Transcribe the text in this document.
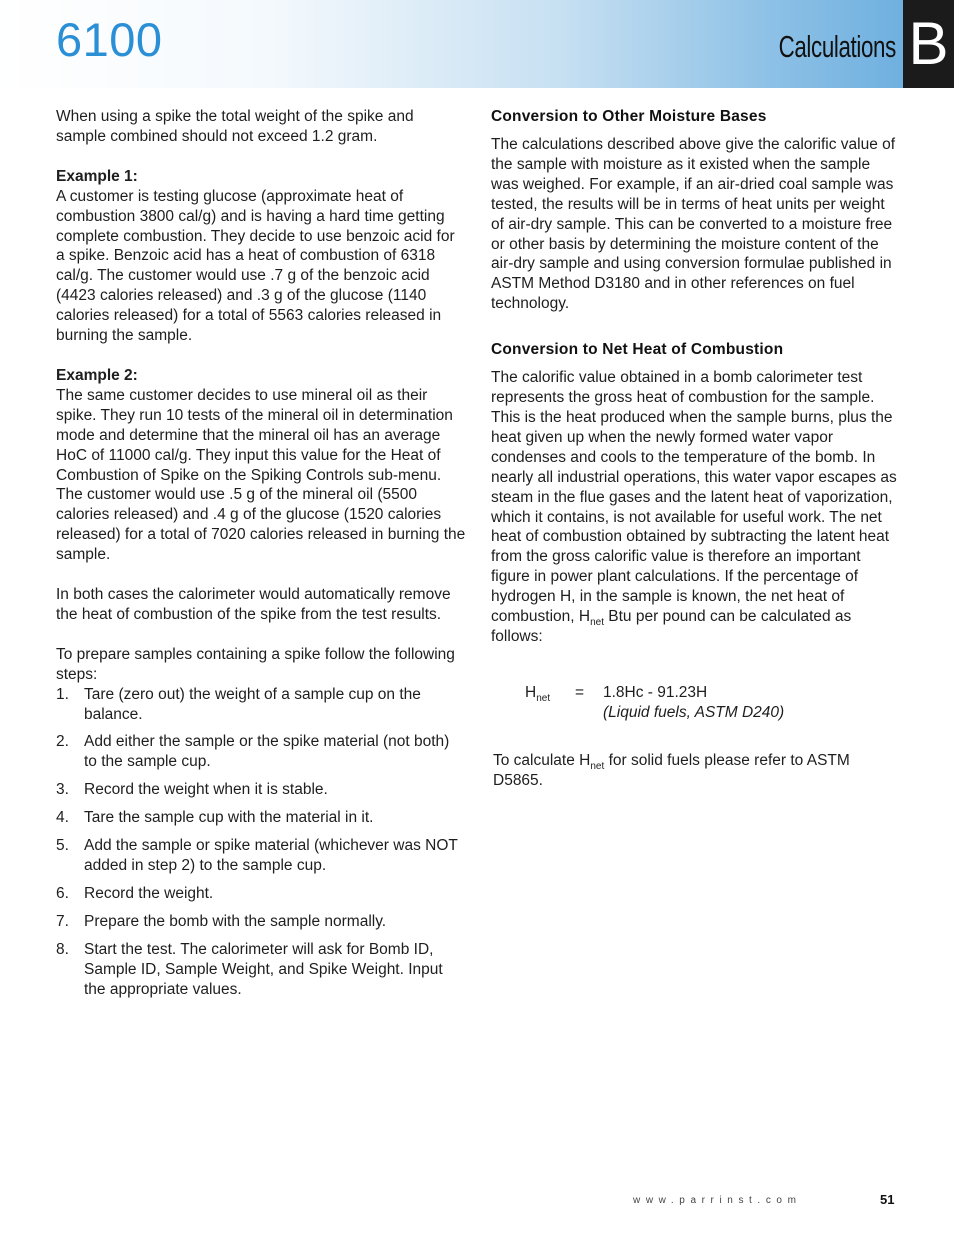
6100	Calculations B

When using a spike the total weight of the spike and sample combined should not exceed 1.2 gram.

Example 1:

A customer is testing glucose (approximate heat of combustion 3800 cal/g) and is having a hard time getting complete combustion. They decide to use benzoic acid for a spike. Benzoic acid has a heat of combustion of 6318 cal/g. The customer would use .7 g of the benzoic acid (4423 calories released) and .3 g of the glucose (1140 calories released) for a total of 5563 calories released in burning the sample.

Example 2:

The same customer decides to use mineral oil as their spike. They run 10 tests of the mineral oil in determination mode and determine that the mineral oil has an average HoC of 11000 cal/g. They input this value for the Heat of Combustion of Spike on the Spiking Controls sub-menu. The customer would use .5 g of the mineral oil (5500 calories released) and .4 g of the glucose (1520 calories released) for a total of 7020 calories released in burning the sample.

In both cases the calorimeter would automatically remove the heat of combustion of the spike from the test results.

To prepare samples containing a spike follow the following steps:

1. Tare (zero out) the weight of a sample cup on the balance.
2. Add either the sample or the spike material (not both) to the sample cup.
3. Record the weight when it is stable.
4. Tare the sample cup with the material in it.
5. Add the sample or spike material (whichever was NOT added in step 2) to the sample cup.
6. Record the weight.
7. Prepare the bomb with the sample normally.
8. Start the test. The calorimeter will ask for Bomb ID, Sample ID, Sample Weight, and Spike Weight. Input the appropriate values.
Conversion to Other Moisture Bases

The calculations described above give the calorific value of the sample with moisture as it existed when the sample was weighed. For example, if an air-dried coal sample was tested, the results will be in terms of heat units per weight of air-dry sample. This can be converted to a moisture free or other basis by determining the moisture content of the air-dry sample and using conversion formulae published in ASTM Method D3180 and in other references on fuel technology.

Conversion to Net Heat of Combustion

The calorific value obtained in a bomb calorimeter test represents the gross heat of combustion for the sample. This is the heat produced when the sample burns, plus the heat given up when the newly formed water vapor condenses and cools to the temperature of the bomb. In nearly all industrial operations, this water vapor escapes as steam in the flue gases and the latent heat of vaporization, which it contains, is not available for useful work. The net heat of combustion obtained by subtracting the latent heat from the gross calorific value is therefore an important figure in power plant calculations. If the percentage of hydrogen H, in the sample is known, the net heat of combustion, $H_{net}$ Btu per pound can be calculated as follows:

$H_{net} = 1.8Hc - 91.23H$
(Liquid fuels, ASTM D240)

To calculate $H_{net}$ for solid fuels please refer to ASTM D5865.

www.parrinst.com	51
